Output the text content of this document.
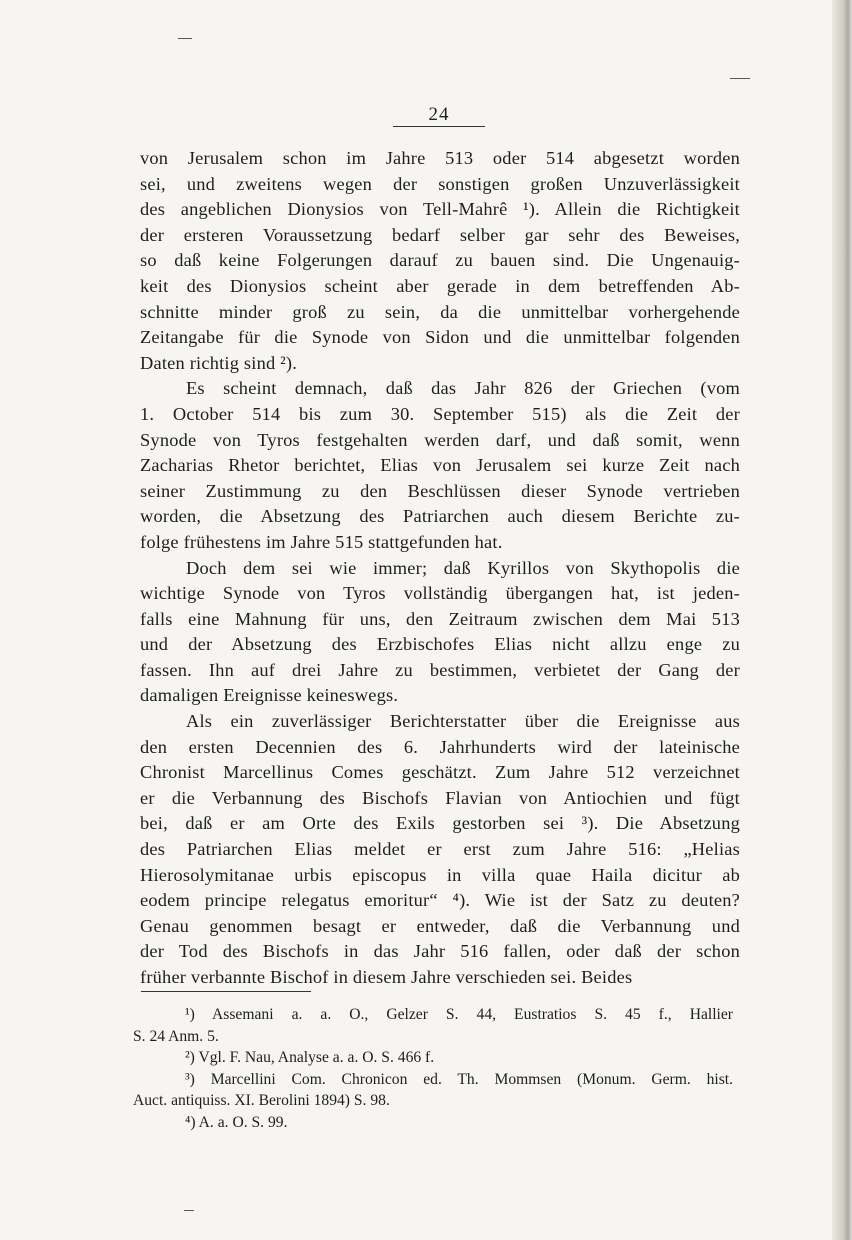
24
von Jerusalem schon im Jahre 513 oder 514 abgesetzt worden
sei, und zweitens wegen der sonstigen großen Unzuverlässigkeit
des angeblichen Dionysios von Tell-Mahrê ¹). Allein die Richtigkeit
der ersteren Voraussetzung bedarf selber gar sehr des Beweises,
so daß keine Folgerungen darauf zu bauen sind. Die Ungenauig-
keit des Dionysios scheint aber gerade in dem betreffenden Ab-
schnitte minder groß zu sein, da die unmittelbar vorhergehende
Zeitangabe für die Synode von Sidon und die unmittelbar folgenden
Daten richtig sind ²).
Es scheint demnach, daß das Jahr 826 der Griechen (vom
1. October 514 bis zum 30. September 515) als die Zeit der
Synode von Tyros festgehalten werden darf, und daß somit, wenn
Zacharias Rhetor berichtet, Elias von Jerusalem sei kurze Zeit nach
seiner Zustimmung zu den Beschlüssen dieser Synode vertrieben
worden, die Absetzung des Patriarchen auch diesem Berichte zu-
folge frühestens im Jahre 515 stattgefunden hat.
Doch dem sei wie immer; daß Kyrillos von Skythopolis die
wichtige Synode von Tyros vollständig übergangen hat, ist jeden-
falls eine Mahnung für uns, den Zeitraum zwischen dem Mai 513
und der Absetzung des Erzbischofes Elias nicht allzu enge zu
fassen. Ihn auf drei Jahre zu bestimmen, verbietet der Gang der
damaligen Ereignisse keineswegs.
Als ein zuverlässiger Berichterstatter über die Ereignisse aus
den ersten Decennien des 6. Jahrhunderts wird der lateinische
Chronist Marcellinus Comes geschätzt. Zum Jahre 512 verzeichnet
er die Verbannung des Bischofs Flavian von Antiochien und fügt
bei, daß er am Orte des Exils gestorben sei ³). Die Absetzung
des Patriarchen Elias meldet er erst zum Jahre 516: „Helias
Hierosolymitanae urbis episcopus in villa quae Haila dicitur ab
eodem principe relegatus emoritur“ ⁴). Wie ist der Satz zu deuten?
Genau genommen besagt er entweder, daß die Verbannung und
der Tod des Bischofs in das Jahr 516 fallen, oder daß der schon
früher verbannte Bischof in diesem Jahre verschieden sei. Beides
¹) Assemani a. a. O., Gelzer S. 44, Eustratios S. 45 f., Hallier
S. 24 Anm. 5.
²) Vgl. F. Nau, Analyse a. a. O. S. 466 f.
³) Marcellini Com. Chronicon ed. Th. Mommsen (Monum. Germ. hist.
Auct. antiquiss. XI. Berolini 1894) S. 98.
⁴) A. a. O. S. 99.
